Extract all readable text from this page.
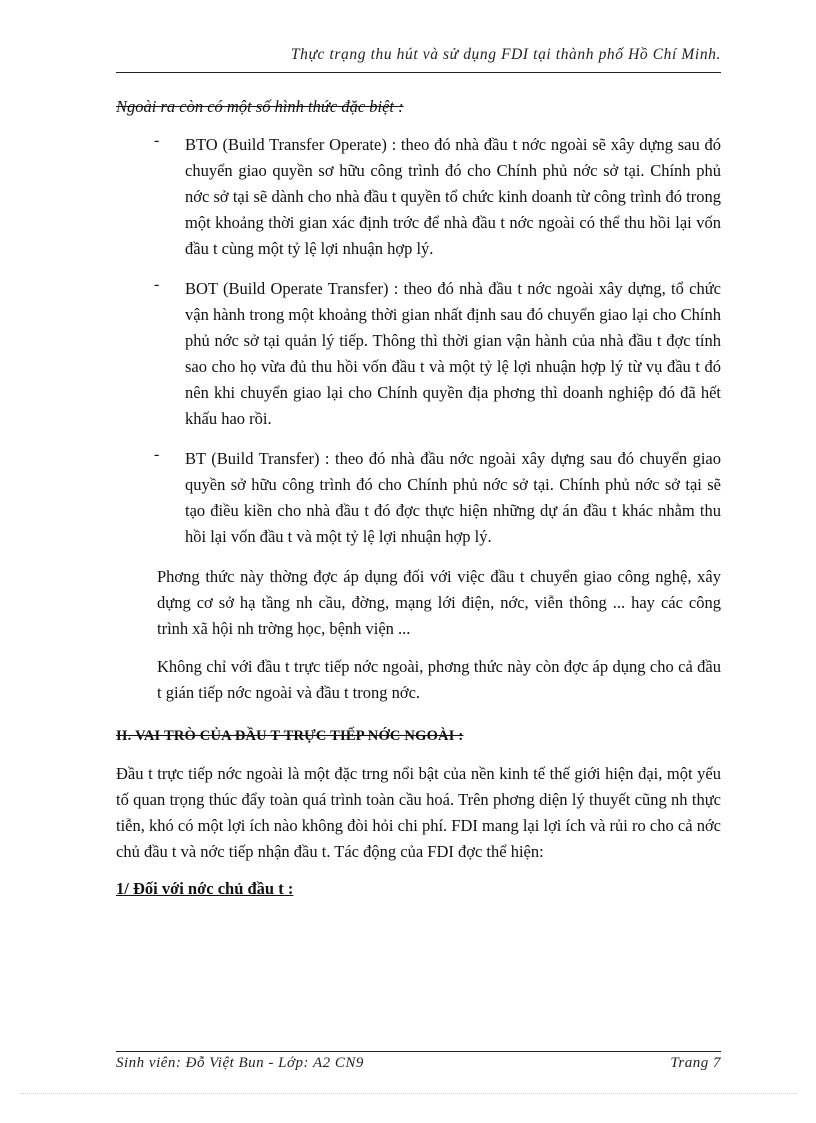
Thực trạng thu hút và sử dụng FDI tại thành phố Hồ Chí Minh.

Ngoài ra còn có một số hình thức đặc biệt :

- BTO (Build Transfer Operate) : theo đó nhà đầu t nớc ngoài sẽ xây dựng sau đó chuyển giao quyền sơ hữu công trình đó cho Chính phủ nớc sở tại. Chính phủ nớc sở tại sẽ dành cho nhà đầu t quyền tổ chức kinh doanh từ công trình đó trong một khoảng thời gian xác định trớc để nhà đầu t nớc ngoài có thể thu hồi lại vốn đầu t cùng một tỷ lệ lợi nhuận hợp lý.
- BOT (Build Operate Transfer) : theo đó nhà đầu t nớc ngoài xây dựng, tổ chức vận hành trong một khoảng thời gian nhất định sau đó chuyển giao lại cho Chính phủ nớc sở tại quản lý tiếp. Thông thì thời gian vận hành của nhà đầu t đợc tính sao cho họ vừa đủ thu hồi vốn đầu t và một tỷ lệ lợi nhuận hợp lý từ vụ đầu t đó nên khi chuyển giao lại cho Chính quyền địa phơng thì doanh nghiệp đó đã hết khấu hao rồi.
- BT (Build Transfer) : theo đó nhà đầu nớc ngoài xây dựng sau đó chuyển giao quyền sở hữu công trình đó cho Chính phủ nớc sở tại. Chính phủ nớc sở tại sẽ tạo điều kiền cho nhà đầu t đó đợc thực hiện những dự án đầu t khác nhằm thu hồi lại vốn đầu t và một tỷ lệ lợi nhuận hợp lý.

Phơng thức này thờng đợc áp dụng đối với việc đầu t chuyển giao công nghệ, xây dựng cơ sở hạ tầng nh cầu, đờng, mạng lới điện, nớc, viễn thông ... hay các công trình xã hội nh trờng học, bệnh viện ...

Không chỉ với đầu t trực tiếp nớc ngoài, phơng thức này còn đợc áp dụng cho cả đầu t gián tiếp nớc ngoài và đầu t trong nớc.

II. VAI TRÒ CỦA ĐẦU T TRỰC TIẾP NỚC NGOÀI :

Đầu t trực tiếp nớc ngoài là một đặc trng nổi bật của nền kinh tế thế giới hiện đại, một yếu tố quan trọng thúc đẩy toàn quá trình toàn cầu hoá. Trên phơng diện lý thuyết cũng nh thực tiễn, khó có một lợi ích nào không đòi hỏi chi phí. FDI mang lại lợi ích và rủi ro cho cả nớc chủ đầu t và nớc tiếp nhận đầu t. Tác động của FDI đợc thể hiện:

1/ Đối với nớc chủ đầu t :

Sinh viên: Đỗ Việt Bun - Lớp: A2 CN9	Trang 7
